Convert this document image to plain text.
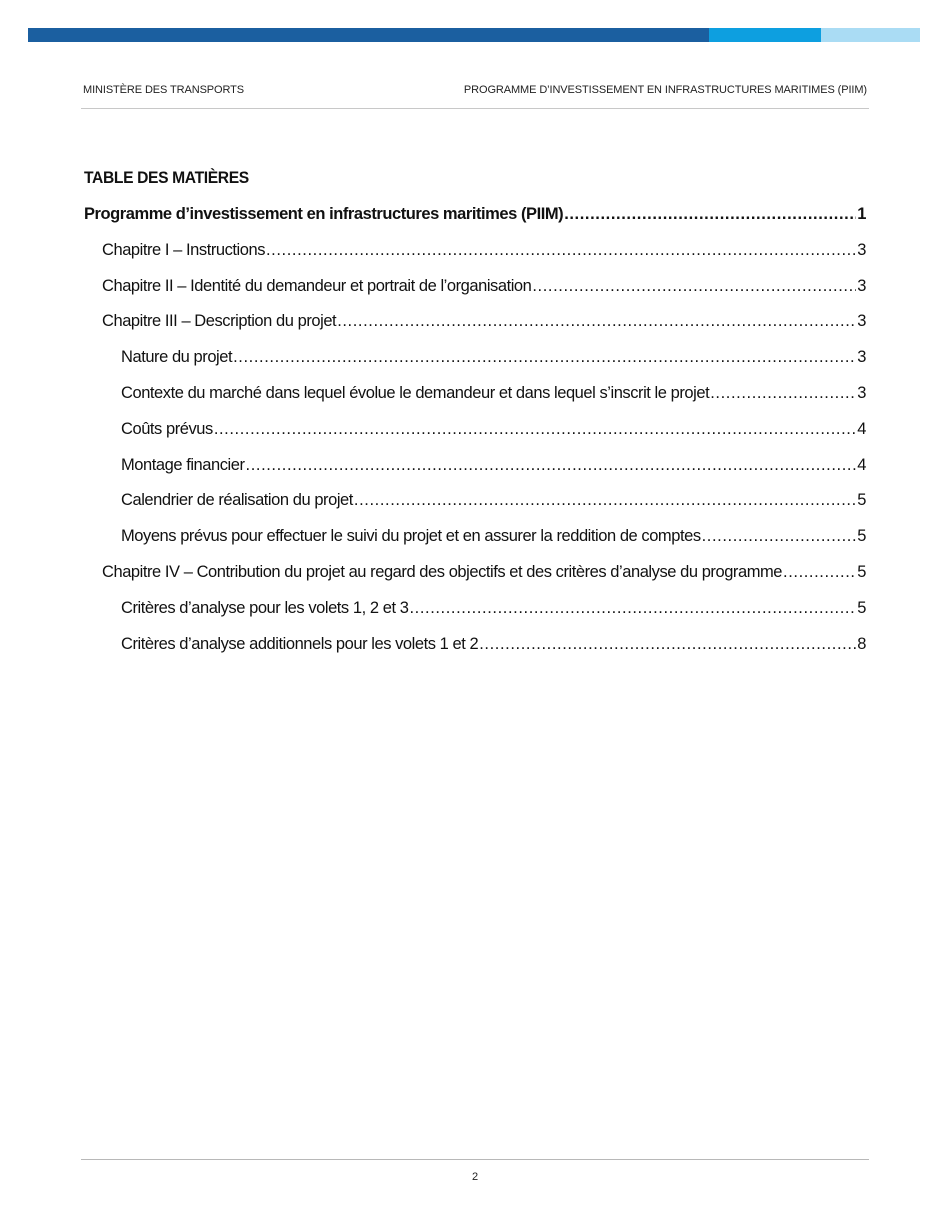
MINISTÈRE DES TRANSPORTS	PROGRAMME D’INVESTISSEMENT EN INFRASTRUCTURES MARITIMES (PIIM)
TABLE DES MATIÈRES
Programme d’investissement en infrastructures maritimes (PIIM) .....	1
Chapitre I – Instructions .....	3
Chapitre II – Identité du demandeur et portrait de l’organisation .....	3
Chapitre III – Description du projet .....	3
Nature du projet .....	3
Contexte du marché dans lequel évolue le demandeur et dans lequel s’inscrit le projet .....	3
Coûts prévus .....	4
Montage financier .....	4
Calendrier de réalisation du projet .....	5
Moyens prévus pour effectuer le suivi du projet et en assurer la reddition de comptes .....	5
Chapitre IV – Contribution du projet au regard des objectifs et des critères d’analyse du programme .....	5
Critères d’analyse pour les volets 1, 2 et 3 .....	5
Critères d’analyse additionnels pour les volets 1 et 2 .....	8
2
